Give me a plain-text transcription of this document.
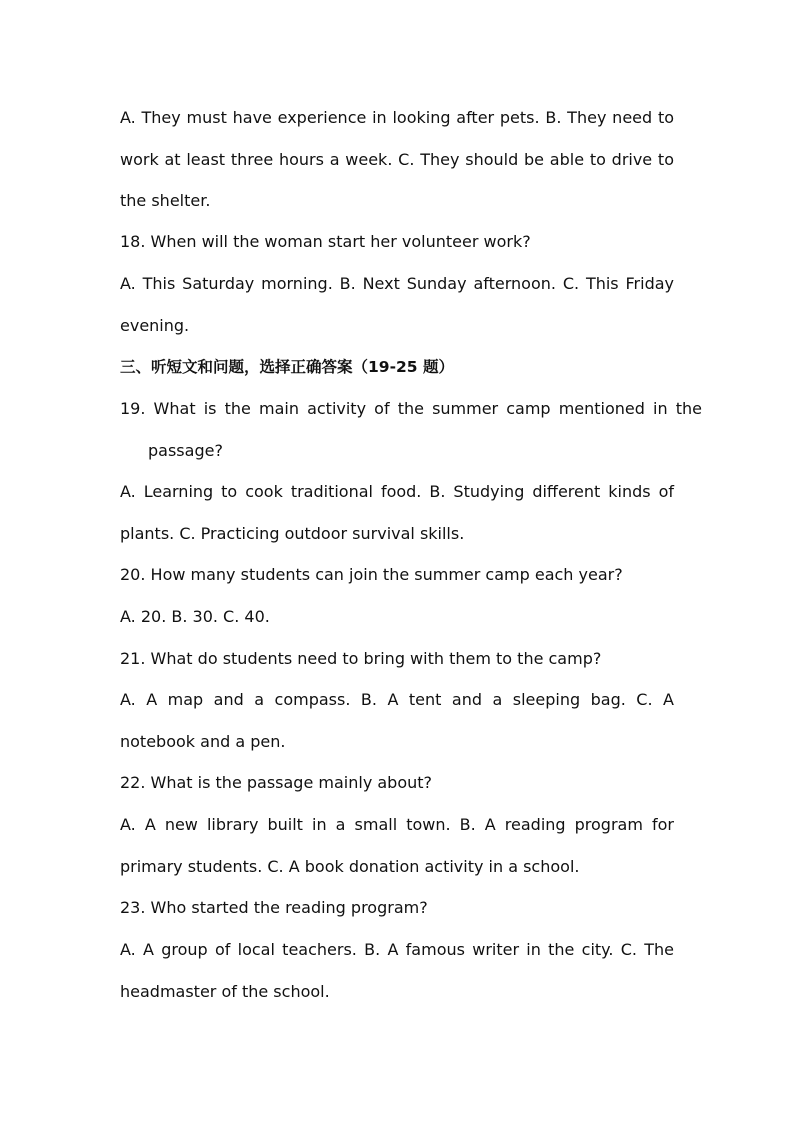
A. They must have experience in looking after pets. B. They need to work at least three hours a week. C. They should be able to drive to the shelter.
18. When will the woman start her volunteer work?
A. This Saturday morning. B. Next Sunday afternoon. C. This Friday evening.
三、听短文和问题，选择正确答案（19-25 题）
19. What is the main activity of the summer camp mentioned in the passage?
A. Learning to cook traditional food. B. Studying different kinds of plants. C. Practicing outdoor survival skills.
20. How many students can join the summer camp each year?
A. 20. B. 30. C. 40.
21. What do students need to bring with them to the camp?
A. A map and a compass. B. A tent and a sleeping bag. C. A notebook and a pen.
22. What is the passage mainly about?
A. A new library built in a small town. B. A reading program for primary students. C. A book donation activity in a school.
23. Who started the reading program?
A. A group of local teachers. B. A famous writer in the city. C. The headmaster of the school.
